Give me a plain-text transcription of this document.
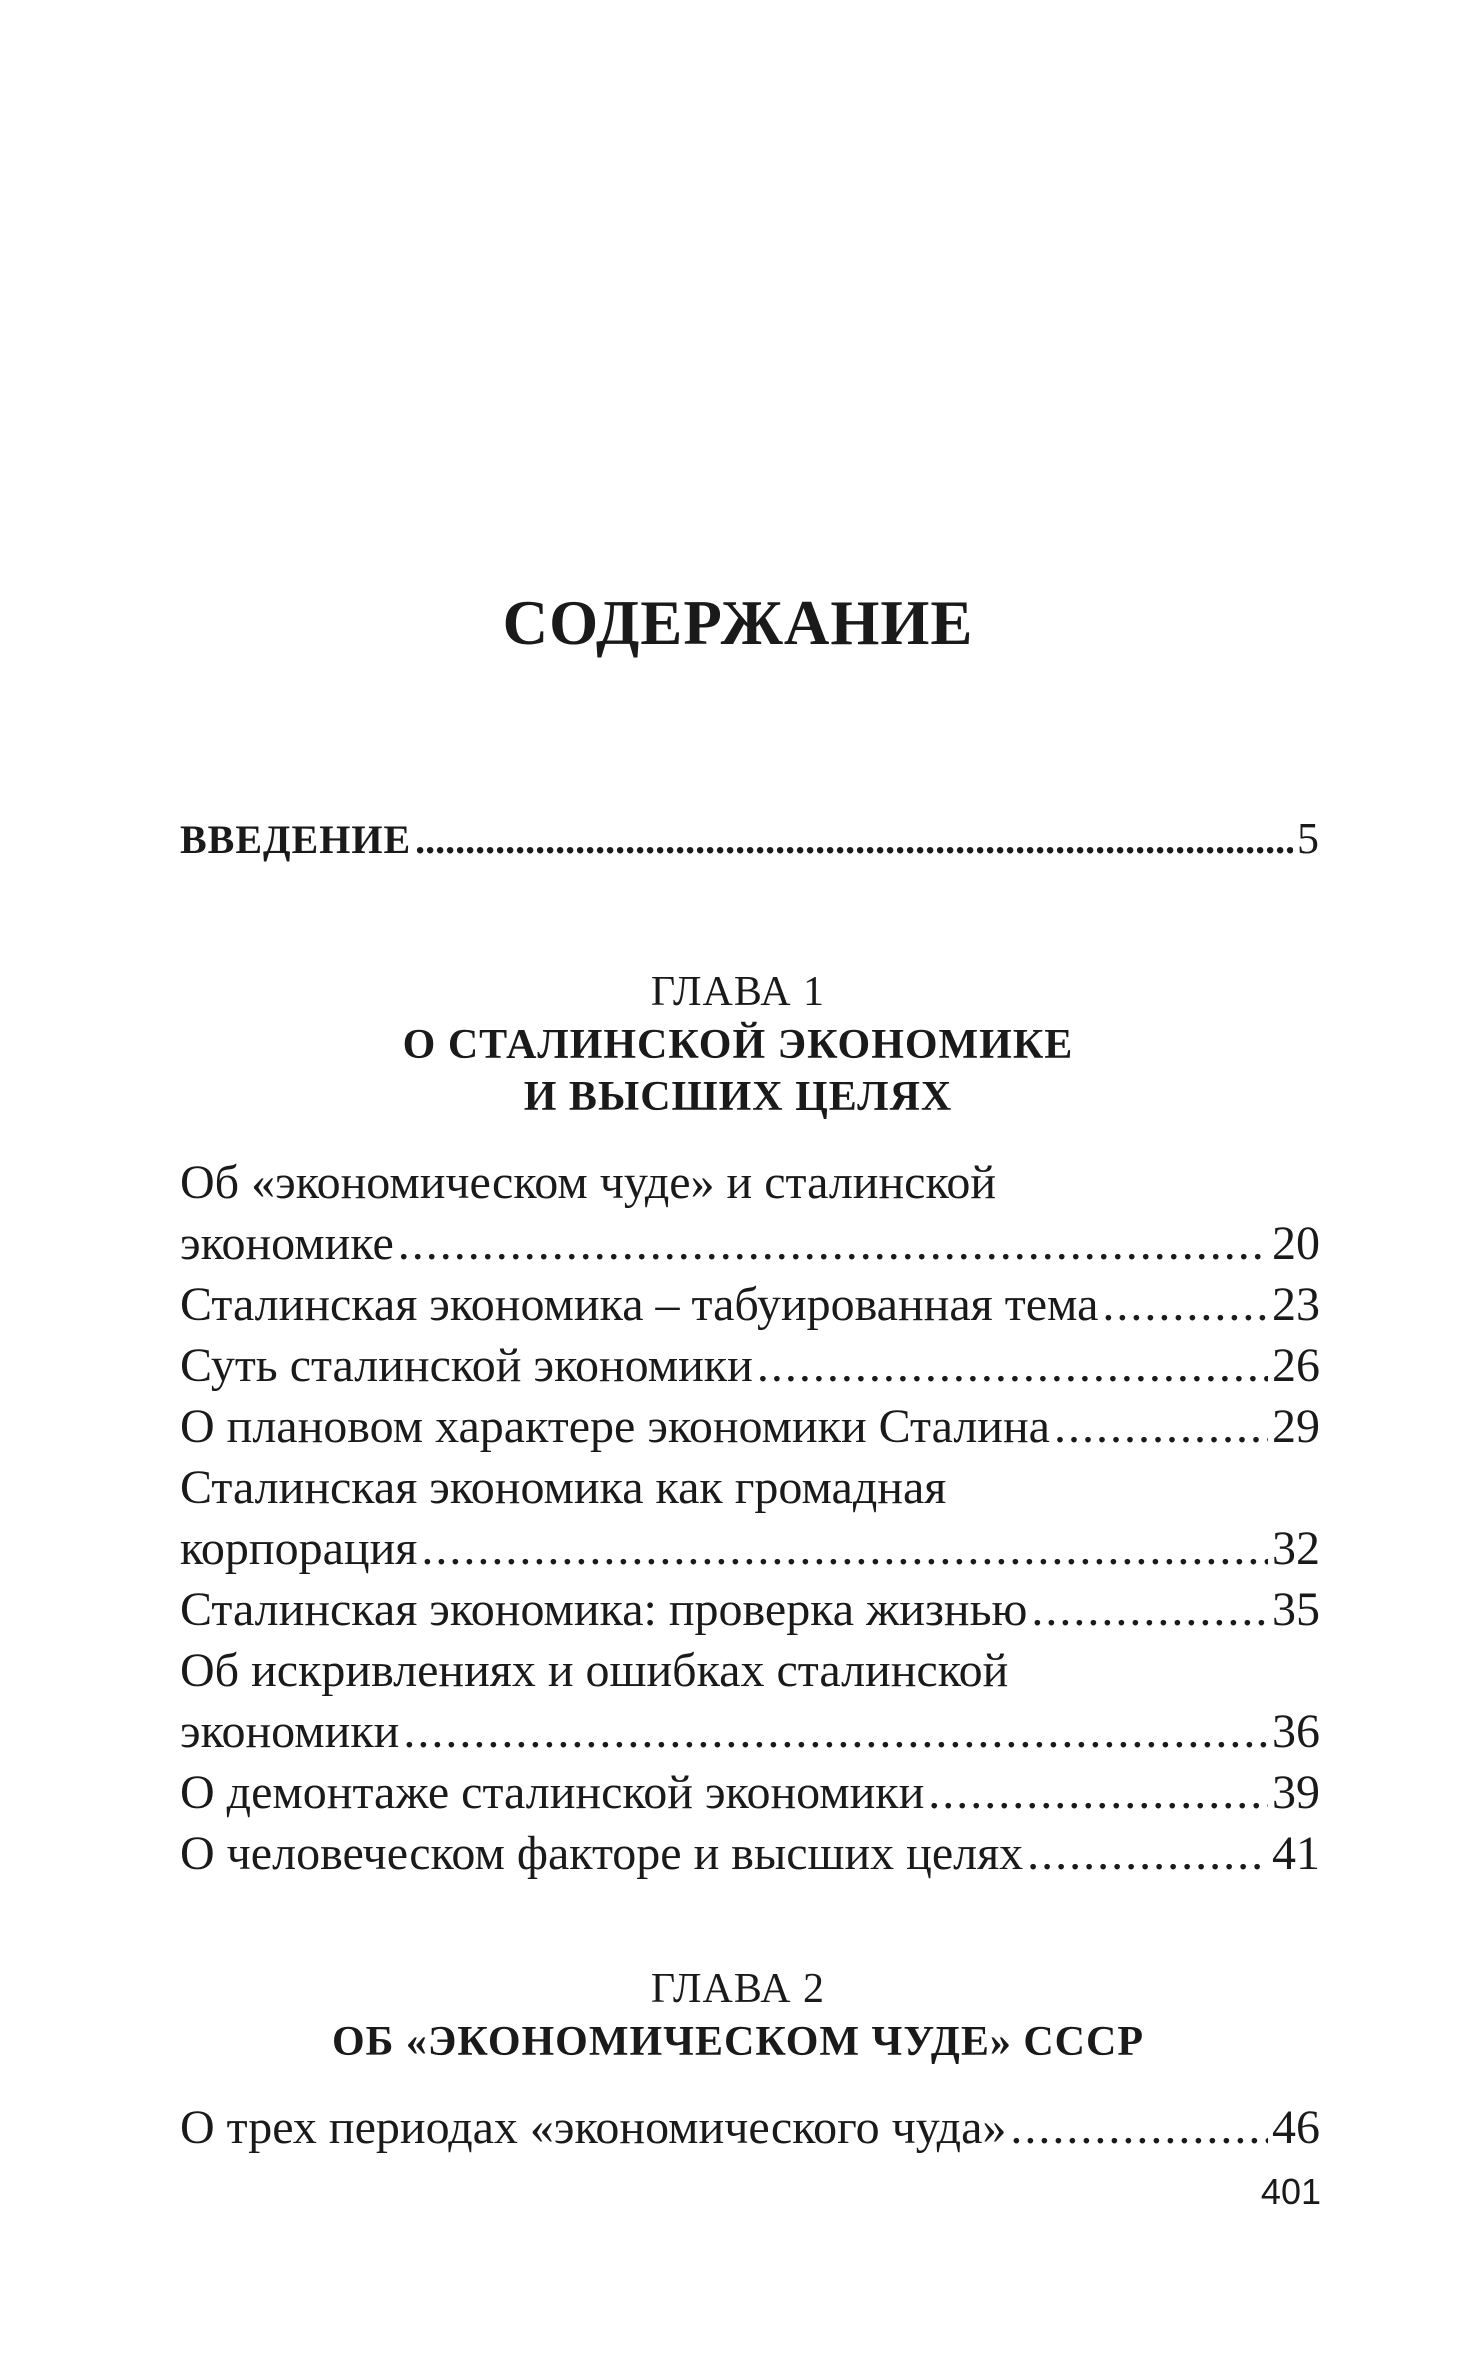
СОДЕРЖАНИЕ
ВВЕДЕНИЕ . . .	5
ГЛАВА 1
О СТАЛИНСКОЙ ЭКОНОМИКЕ
И ВЫСШИХ ЦЕЛЯХ
Об «экономическом чуде» и сталинской
экономике . . .	20
Сталинская экономика – табуированная тема . . .	23
Суть сталинской экономики . . .	26
О плановом характере экономики Сталина . . .	29
Сталинская экономика как громадная
корпорация . . .	32
Сталинская экономика: проверка жизнью . . .	35
Об искривлениях и ошибках сталинской
экономики . . .	36
О демонтаже сталинской экономики . . .	39
О человеческом факторе и высших целях . . .	41
ГЛАВА 2
ОБ «ЭКОНОМИЧЕСКОМ ЧУДЕ» СССР
О трех периодах «экономического чуда» . . .	46
401
